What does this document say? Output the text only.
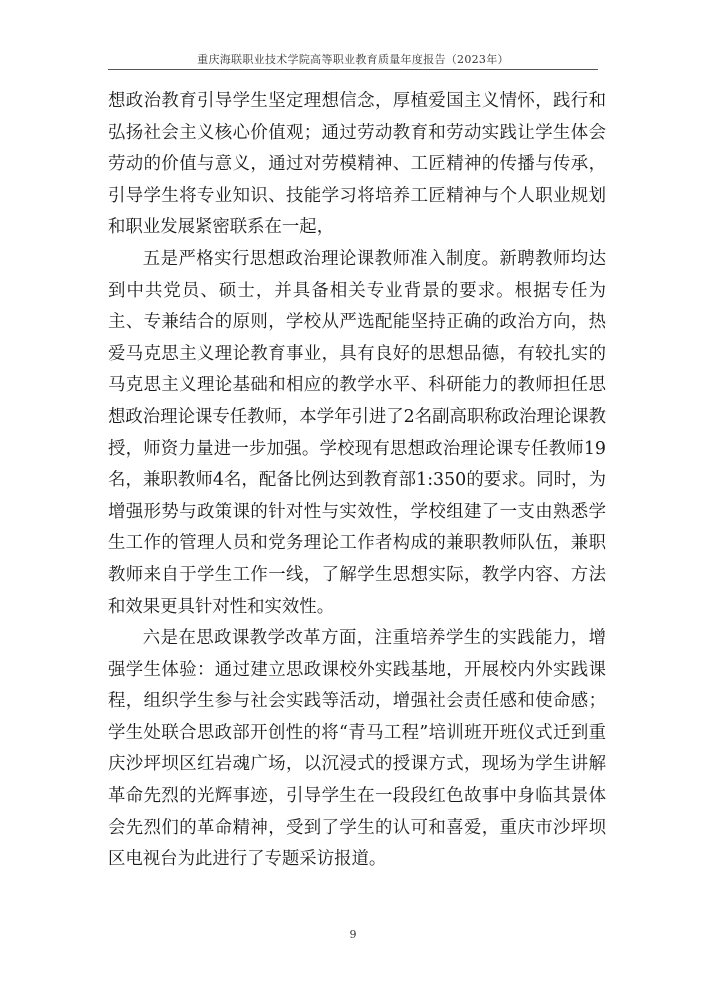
重庆海联职业技术学院高等职业教育质量年度报告（2023年）

想政治教育引导学生坚定理想信念，厚植爱国主义情怀，践行和弘扬社会主义核心价值观；通过劳动教育和劳动实践让学生体会劳动的价值与意义，通过对劳模精神、工匠精神的传播与传承，引导学生将专业知识、技能学习将培养工匠精神与个人职业规划和职业发展紧密联系在一起，

五是严格实行思想政治理论课教师准入制度。新聘教师均达到中共党员、硕士，并具备相关专业背景的要求。根据专任为主、专兼结合的原则，学校从严选配能坚持正确的政治方向，热爱马克思主义理论教育事业，具有良好的思想品德，有较扎实的马克思主义理论基础和相应的教学水平、科研能力的教师担任思想政治理论课专任教师，本学年引进了2名副高职称政治理论课教授，师资力量进一步加强。学校现有思想政治理论课专任教师19名，兼职教师4名，配备比例达到教育部1:350的要求。同时，为增强形势与政策课的针对性与实效性，学校组建了一支由熟悉学生工作的管理人员和党务理论工作者构成的兼职教师队伍，兼职教师来自于学生工作一线，了解学生思想实际，教学内容、方法和效果更具针对性和实效性。

六是在思政课教学改革方面，注重培养学生的实践能力，增强学生体验：通过建立思政课校外实践基地，开展校内外实践课程，组织学生参与社会实践等活动，增强社会责任感和使命感；学生处联合思政部开创性的将“青马工程”培训班开班仪式迁到重庆沙坪坝区红岩魂广场，以沉浸式的授课方式，现场为学生讲解革命先烈的光辉事迹，引导学生在一段段红色故事中身临其景体会先烈们的革命精神，受到了学生的认可和喜爱，重庆市沙坪坝区电视台为此进行了专题采访报道。

9
